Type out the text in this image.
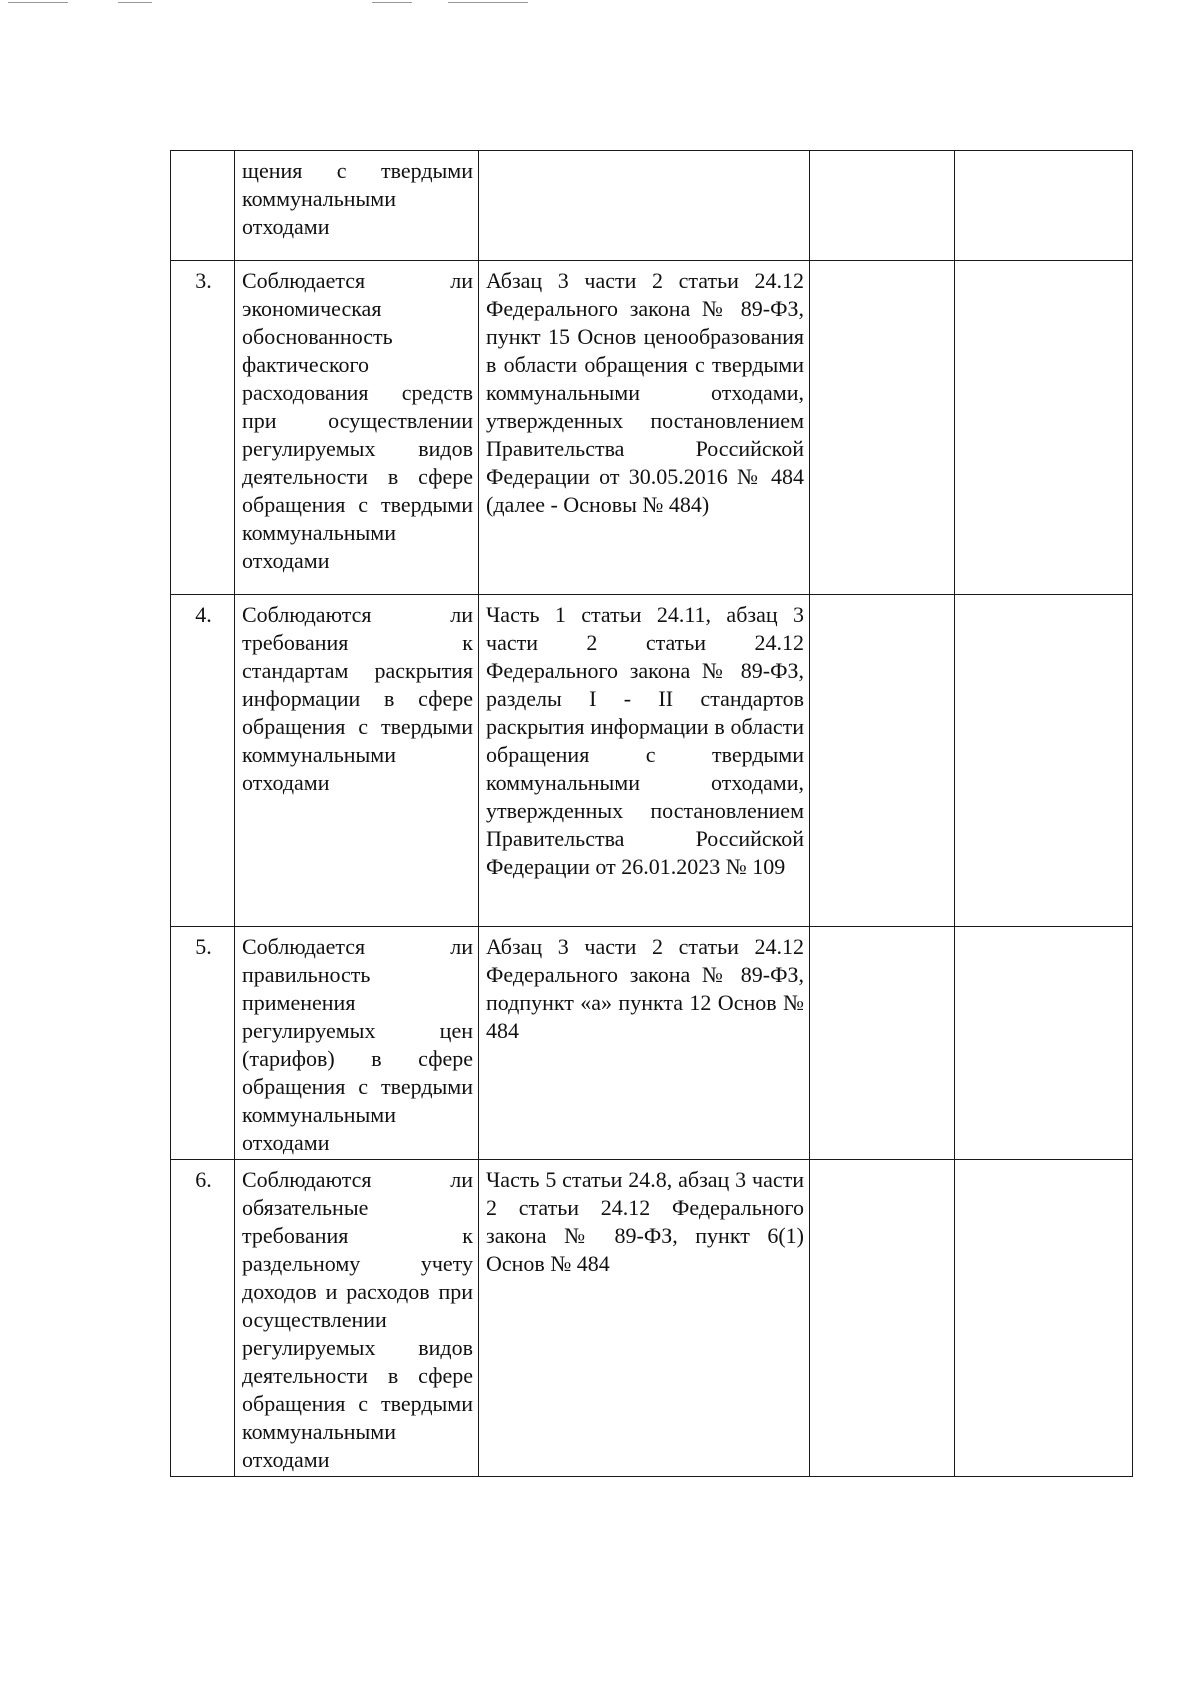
	щения с твердыми коммунальными отходами			
3.	Соблюдается ли экономическая обоснованность фактического расходования средств при осуществлении регулируемых видов деятельности в сфере обращения с твердыми коммунальными отходами	Абзац 3 части 2 статьи 24.12 Федерального закона № 89-ФЗ, пункт 15 Основ ценообразования в области обращения с твердыми коммунальными отходами, утвержденных постановлением Правительства Российской Федерации от 30.05.2016 № 484 (далее - Основы № 484)		
4.	Соблюдаются ли требования к стандартам раскрытия информации в сфере обращения с твердыми коммунальными отходами	Часть 1 статьи 24.11, абзац 3 части 2 статьи 24.12 Федерального закона № 89-ФЗ, разделы I - II стандартов раскрытия информации в области обращения с твердыми коммунальными отходами, утвержденных постановлением Правительства Российской Федерации от 26.01.2023 № 109		
5.	Соблюдается ли правильность применения регулируемых цен (тарифов) в сфере обращения с твердыми коммунальными отходами	Абзац 3 части 2 статьи 24.12 Федерального закона № 89-ФЗ, подпункт «а» пункта 12 Основ № 484		
6.	Соблюдаются ли обязательные требования к раздельному учету доходов и расходов при осуществлении регулируемых видов деятельности в сфере обращения с твердыми коммунальными отходами	Часть 5 статьи 24.8, абзац 3 части 2 статьи 24.12 Федерального закона № 89-ФЗ, пункт 6(1) Основ № 484		
